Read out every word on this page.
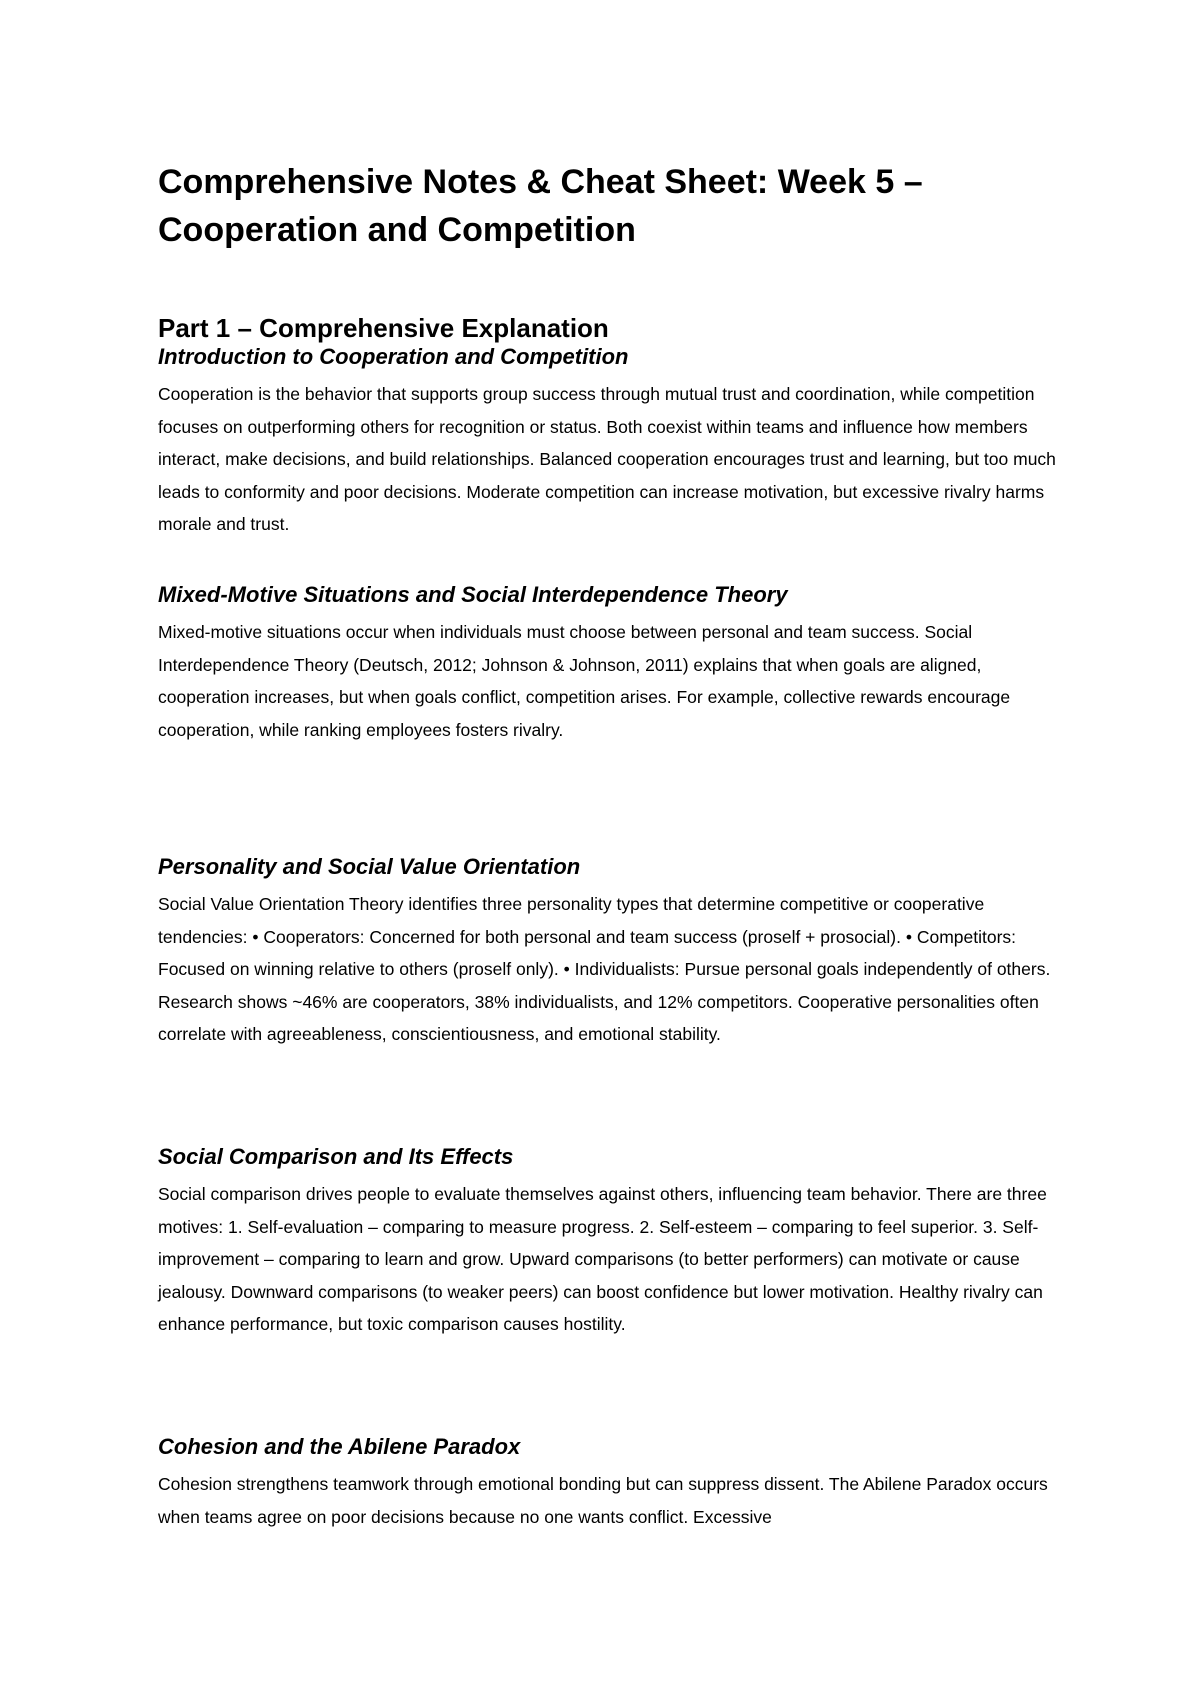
Comprehensive Notes & Cheat Sheet: Week 5 – Cooperation and Competition
Part 1 – Comprehensive Explanation
Introduction to Cooperation and Competition

Cooperation is the behavior that supports group success through mutual trust and coordination, while competition focuses on outperforming others for recognition or status. Both coexist within teams and influence how members interact, make decisions, and build relationships. Balanced cooperation encourages trust and learning, but too much leads to conformity and poor decisions. Moderate competition can increase motivation, but excessive rivalry harms morale and trust.

Mixed-Motive Situations and Social Interdependence Theory

Mixed-motive situations occur when individuals must choose between personal and team success. Social Interdependence Theory (Deutsch, 2012; Johnson & Johnson, 2011) explains that when goals are aligned, cooperation increases, but when goals conflict, competition arises. For example, collective rewards encourage cooperation, while ranking employees fosters rivalry.

Personality and Social Value Orientation

Social Value Orientation Theory identifies three personality types that determine competitive or cooperative tendencies: • Cooperators: Concerned for both personal and team success (proself + prosocial). • Competitors: Focused on winning relative to others (proself only). • Individualists: Pursue personal goals independently of others. Research shows ~46% are cooperators, 38% individualists, and 12% competitors. Cooperative personalities often correlate with agreeableness, conscientiousness, and emotional stability.

Social Comparison and Its Effects

Social comparison drives people to evaluate themselves against others, influencing team behavior. There are three motives: 1. Self-evaluation – comparing to measure progress. 2. Self-esteem – comparing to feel superior. 3. Self-improvement – comparing to learn and grow. Upward comparisons (to better performers) can motivate or cause jealousy. Downward comparisons (to weaker peers) can boost confidence but lower motivation. Healthy rivalry can enhance performance, but toxic comparison causes hostility.

Cohesion and the Abilene Paradox

Cohesion strengthens teamwork through emotional bonding but can suppress dissent. The Abilene Paradox occurs when teams agree on poor decisions because no one wants conflict. Excessive
